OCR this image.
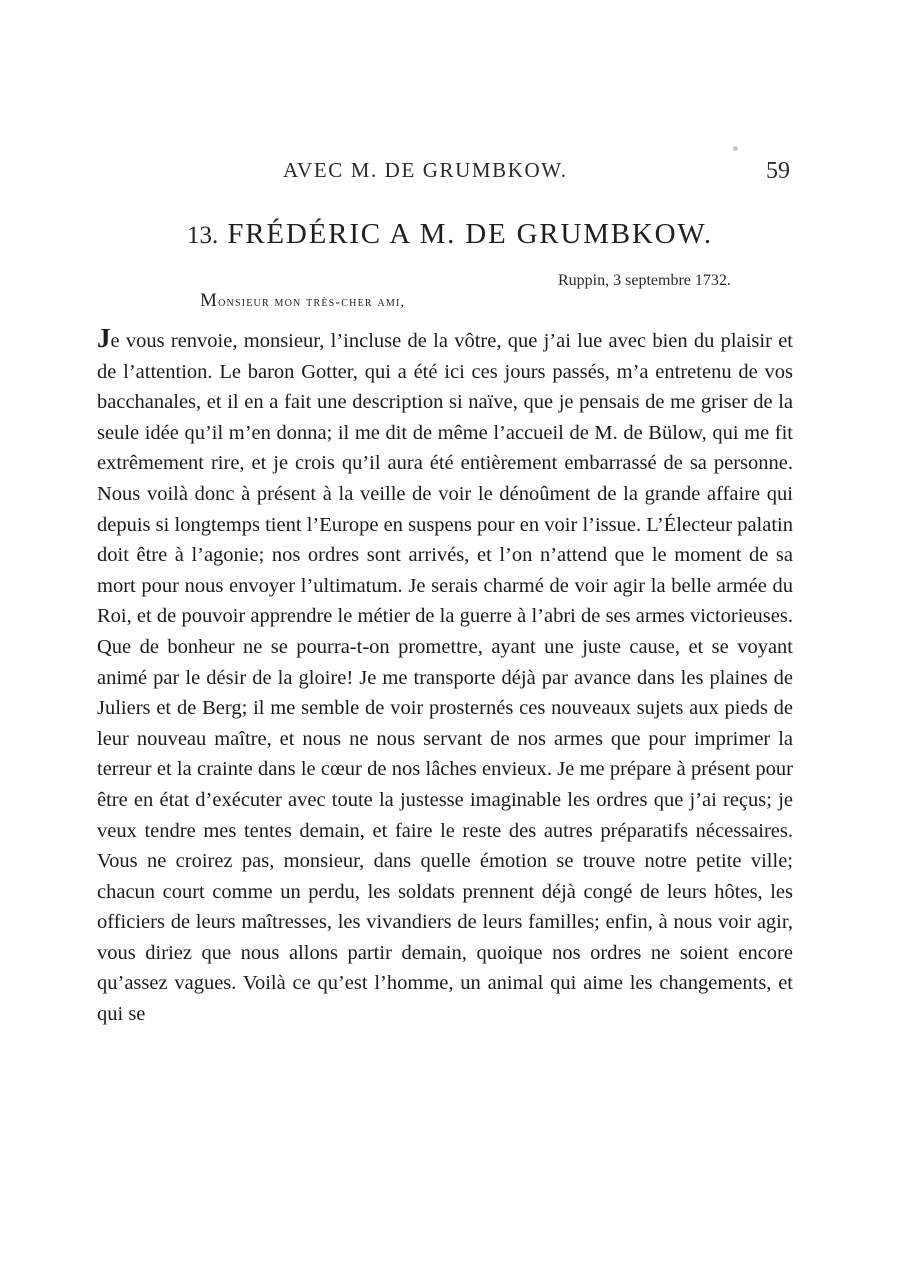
AVEC M. DE GRUMBKOW.	59
13. FRÉDÉRIC A M. DE GRUMBKOW.
Ruppin, 3 septembre 1732.
Monsieur mon très-cher ami,

Je vous renvoie, monsieur, l’incluse de la vôtre, que j’ai lue avec bien du plaisir et de l’attention. Le baron Gotter, qui a été ici ces jours passés, m’a entretenu de vos bacchanales, et il en a fait une description si naïve, que je pensais de me griser de la seule idée qu’il m’en donna; il me dit de même l’accueil de M. de Bülow, qui me fit extrêmement rire, et je crois qu’il aura été entièrement embarrassé de sa personne. Nous voilà donc à présent à la veille de voir le dénoûment de la grande affaire qui depuis si longtemps tient l’Europe en suspens pour en voir l’issue. L’Électeur palatin doit être à l’agonie; nos ordres sont arrivés, et l’on n’attend que le moment de sa mort pour nous envoyer l’ultimatum. Je serais charmé de voir agir la belle armée du Roi, et de pouvoir apprendre le métier de la guerre à l’abri de ses armes victorieuses. Que de bonheur ne se pourra-t-on promettre, ayant une juste cause, et se voyant animé par le désir de la gloire! Je me transporte déjà par avance dans les plaines de Juliers et de Berg; il me semble de voir prosternés ces nouveaux sujets aux pieds de leur nouveau maître, et nous ne nous servant de nos armes que pour imprimer la terreur et la crainte dans le cœur de nos lâches envieux. Je me prépare à présent pour être en état d’exécuter avec toute la justesse imaginable les ordres que j’ai reçus; je veux tendre mes tentes demain, et faire le reste des autres préparatifs nécessaires. Vous ne croirez pas, monsieur, dans quelle émotion se trouve notre petite ville; chacun court comme un perdu, les soldats prennent déjà congé de leurs hôtes, les officiers de leurs maîtresses, les vivandiers de leurs familles; enfin, à nous voir agir, vous diriez que nous allons partir demain, quoique nos ordres ne soient encore qu’assez vagues. Voilà ce qu’est l’homme, un animal qui aime les changements, et qui se
